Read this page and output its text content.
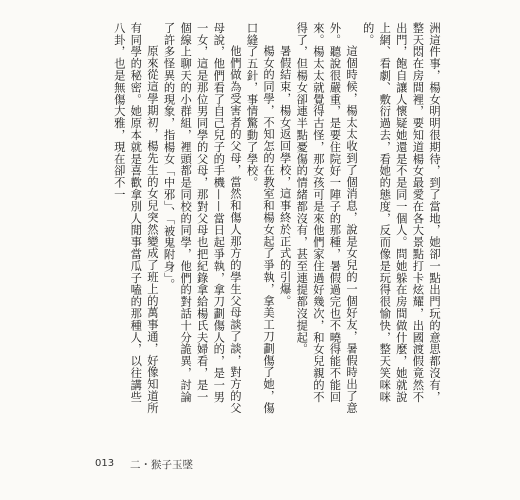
洲這件事，楊女明明很期待，到了當地，她卻一點出門玩的意思都沒有，整天悶在房間裡，要知道楊女最愛在各大景點打卡炫耀，出國渡假竟然不出門，飽自讓人懷疑她還是不是同一個人。問她躲在房間做什麼，她就說上網、看劇、敷衍過去，看她的態度，反而像是玩得很愉快，整天笑咪咪的。

這個時候，楊太太收到了個消息，說是女兒的一個好友，暑假時出了意外。聽說很嚴重，是要住院好一陣子的那種，暑假過完也不曉得能不能回來。楊太太就覺得古怪，那女孩可是來他們家住過好幾次，和女兒親的不得了，但楊女卻連半點憂傷的情緒都沒有，甚至連提都沒提起。

暑假結束，楊女返回學校，這事終於正式的引爆。

楊女的同學，不知怎的在教室和楊女起了爭執，拿美工刀劃傷了她，傷口縫了五針，事情驚動了學校。

他們做為受害者的父母，當然和傷人那方的學生父母談了談，對方的父母說，他們看了自己兒子的手機——當日起爭執，拿刀劃傷人的，是一男一女，這是那位男同學的父母，那對父母也把紀錄拿給楊氏夫婦看，是一個線上聊天的小群組，裡頭都是同校的同學，他們的對話十分詭異，討論了許多怪異的現象，指楊女「中邪」、「被鬼附身」。

原來從這學期初，楊先生的女兒突然變成了班上的萬事通，好像知道所有同學的秘密。她原本就是喜歡拿別人閒事當瓜子嗑的那種人，以往講些八卦，也是無傷大雅，現在卻不一

013 二・猴子玉墜
